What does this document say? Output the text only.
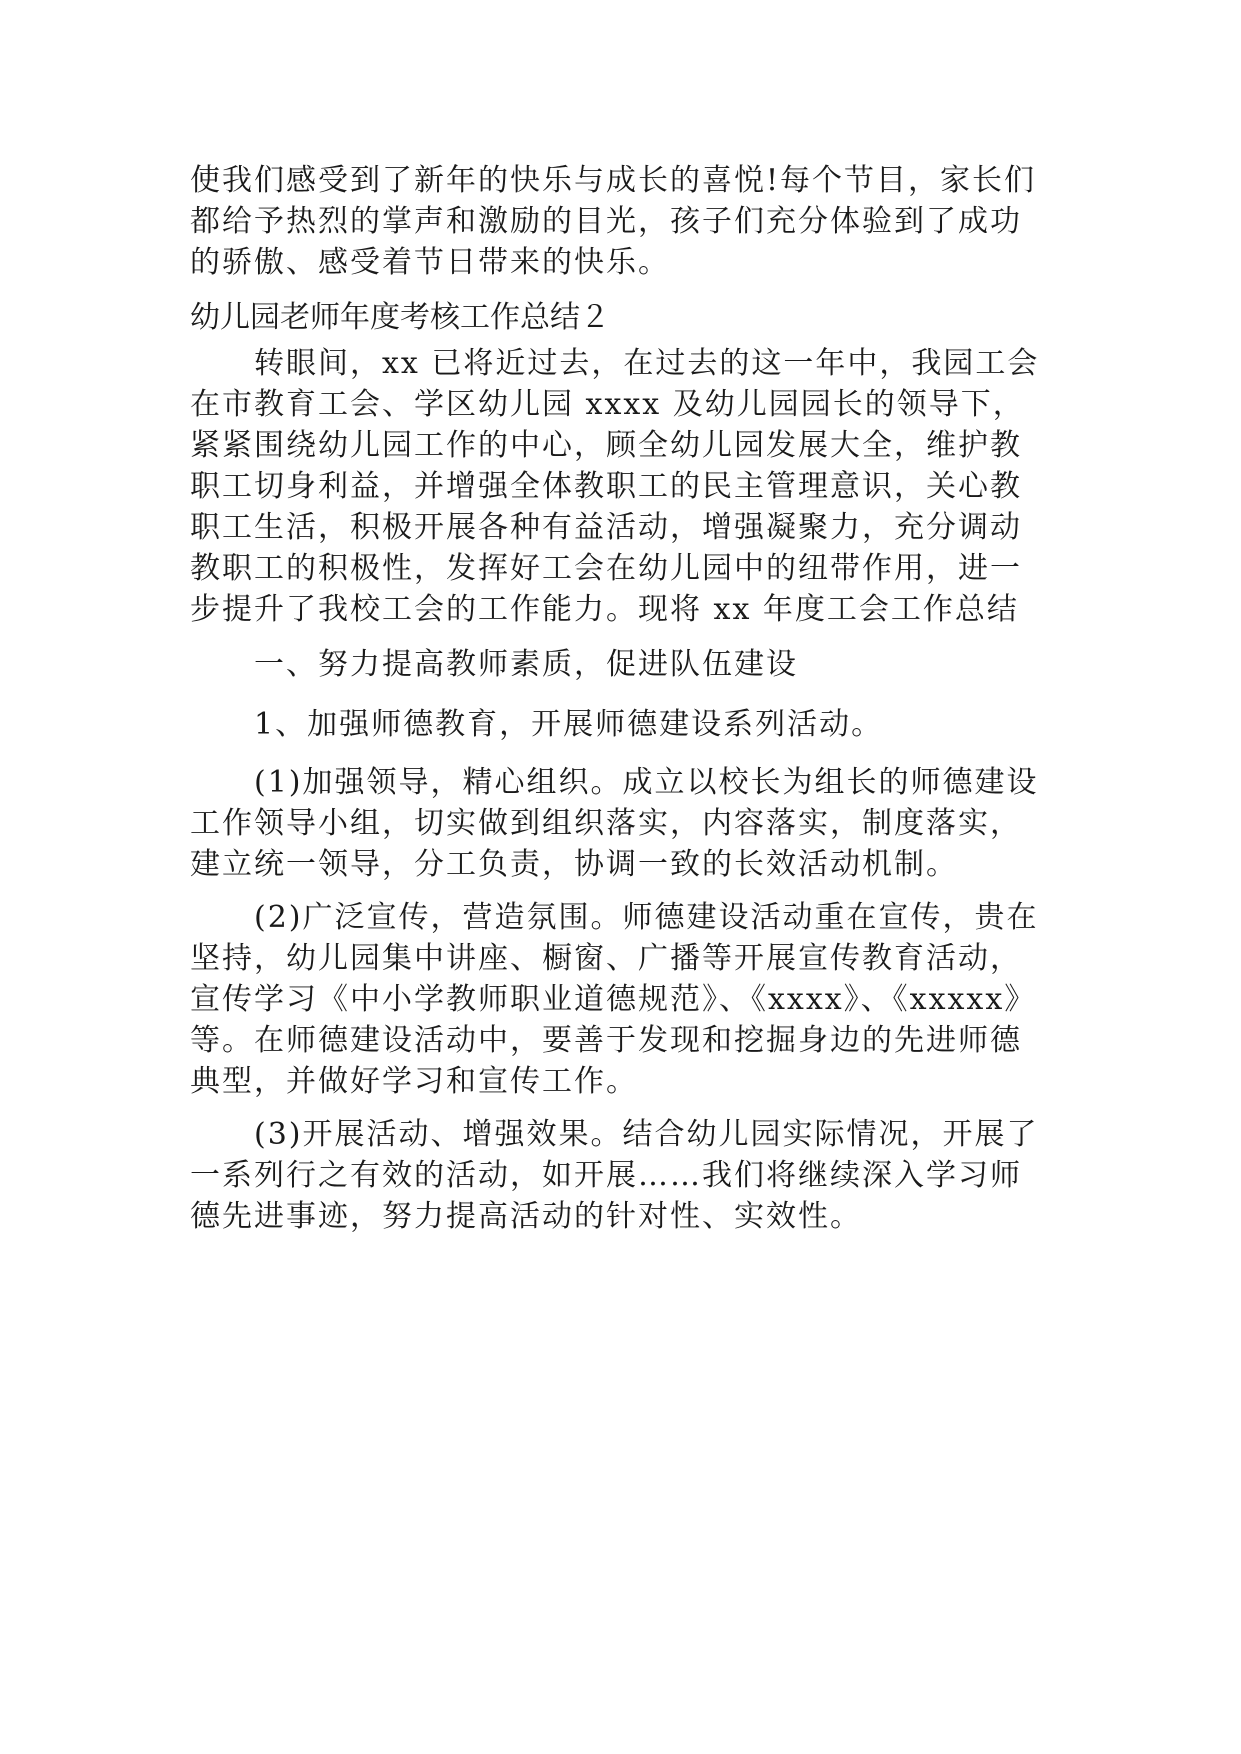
使我们感受到了新年的快乐与成长的喜悦!每个节目，家长们都给予热烈的掌声和激励的目光，孩子们充分体验到了成功的骄傲、感受着节日带来的快乐。

幼儿园老师年度考核工作总结２

转眼间，xx 已将近过去，在过去的这一年中，我园工会在市教育工会、学区幼儿园 xxxx 及幼儿园园长的领导下，紧紧围绕幼儿园工作的中心，顾全幼儿园发展大全，维护教职工切身利益，并增强全体教职工的民主管理意识，关心教职工生活，积极开展各种有益活动，增强凝聚力，充分调动教职工的积极性，发挥好工会在幼儿园中的纽带作用，进一步提升了我校工会的工作能力。现将 xx 年度工会工作总结

一、努力提高教师素质，促进队伍建设

1、加强师德教育，开展师德建设系列活动。

(1)加强领导，精心组织。成立以校长为组长的师德建设工作领导小组，切实做到组织落实，内容落实，制度落实，建立统一领导，分工负责，协调一致的长效活动机制。

(2)广泛宣传，营造氛围。师德建设活动重在宣传，贵在坚持，幼儿园集中讲座、橱窗、广播等开展宣传教育活动，宣传学习《中小学教师职业道德规范》、《xxxx》、《xxxxx》等。在师德建设活动中，要善于发现和挖掘身边的先进师德典型，并做好学习和宣传工作。

(3)开展活动、增强效果。结合幼儿园实际情况，开展了一系列行之有效的活动，如开展……我们将继续深入学习师德先进事迹，努力提高活动的针对性、实效性。
